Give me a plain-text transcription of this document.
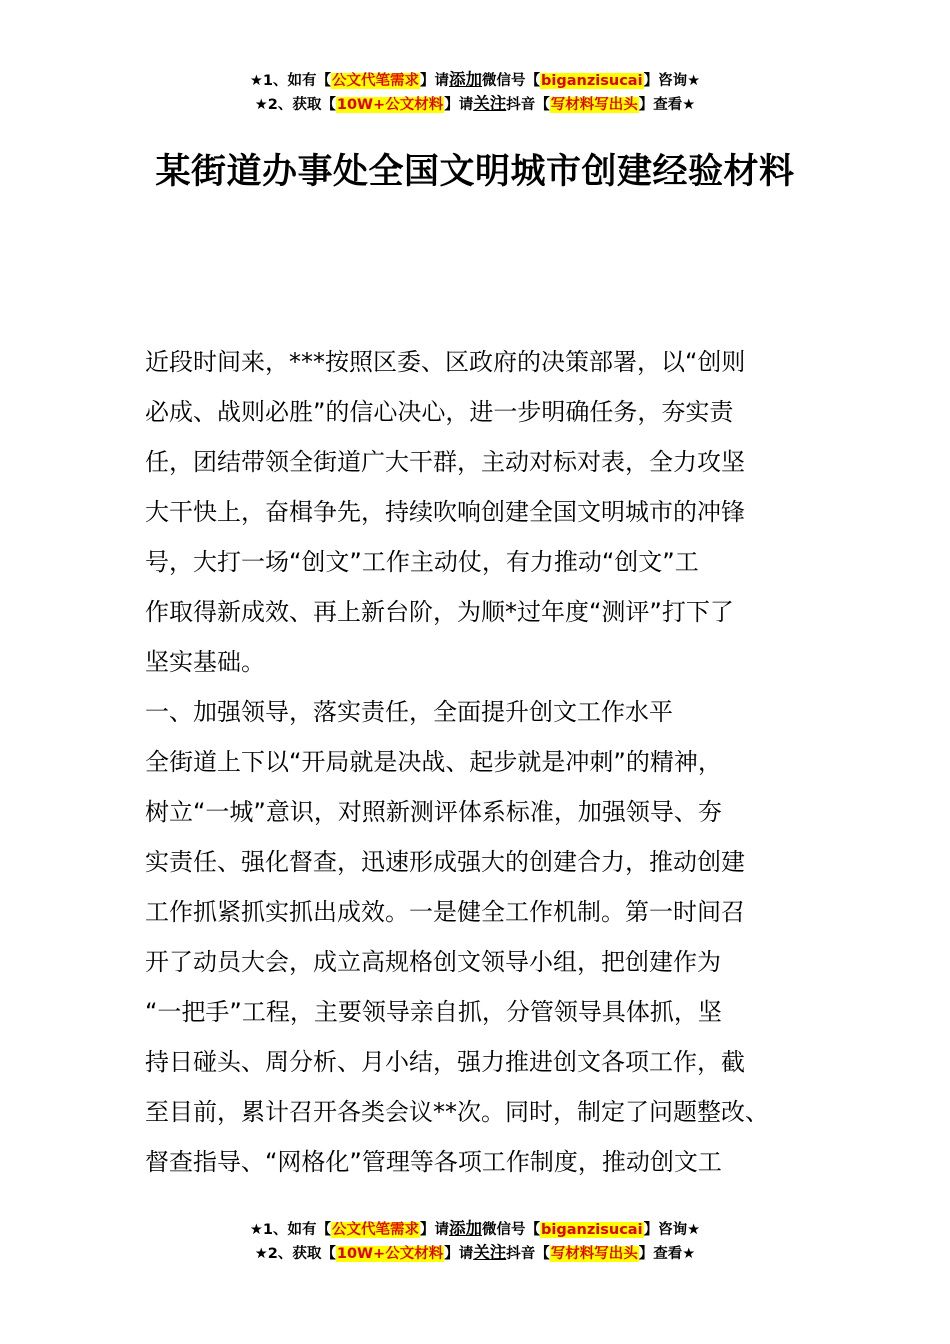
★1、如有【公文代笔需求】请添加微信号【biganzisucai】咨询★
★2、获取【10W+公文材料】请关注抖音【写材料写出头】查看★
某街道办事处全国文明城市创建经验材料
近段时间来，***按照区委、区政府的决策部署，以“创则
必成、战则必胜”的信心决心，进一步明确任务，夯实责
任，团结带领全街道广大干群，主动对标对表，全力攻坚
大干快上，奋楫争先，持续吹响创建全国文明城市的冲锋
号，大打一场“创文”工作主动仗，有力推动“创文”工
作取得新成效、再上新台阶，为顺*过年度“测评”打下了
坚实基础。
一、加强领导，落实责任，全面提升创文工作水平
全街道上下以“开局就是决战、起步就是冲刺”的精神，
树立“一城”意识，对照新测评体系标准，加强领导、夯
实责任、强化督查，迅速形成强大的创建合力，推动创建
工作抓紧抓实抓出成效。一是健全工作机制。第一时间召
开了动员大会，成立高规格创文领导小组，把创建作为
“一把手”工程，主要领导亲自抓，分管领导具体抓，坚
持日碰头、周分析、月小结，强力推进创文各项工作，截
至目前，累计召开各类会议**次。同时，制定了问题整改、
督查指导、“网格化”管理等各项工作制度，推动创文工
★1、如有【公文代笔需求】请添加微信号【biganzisucai】咨询★
★2、获取【10W+公文材料】请关注抖音【写材料写出头】查看★
